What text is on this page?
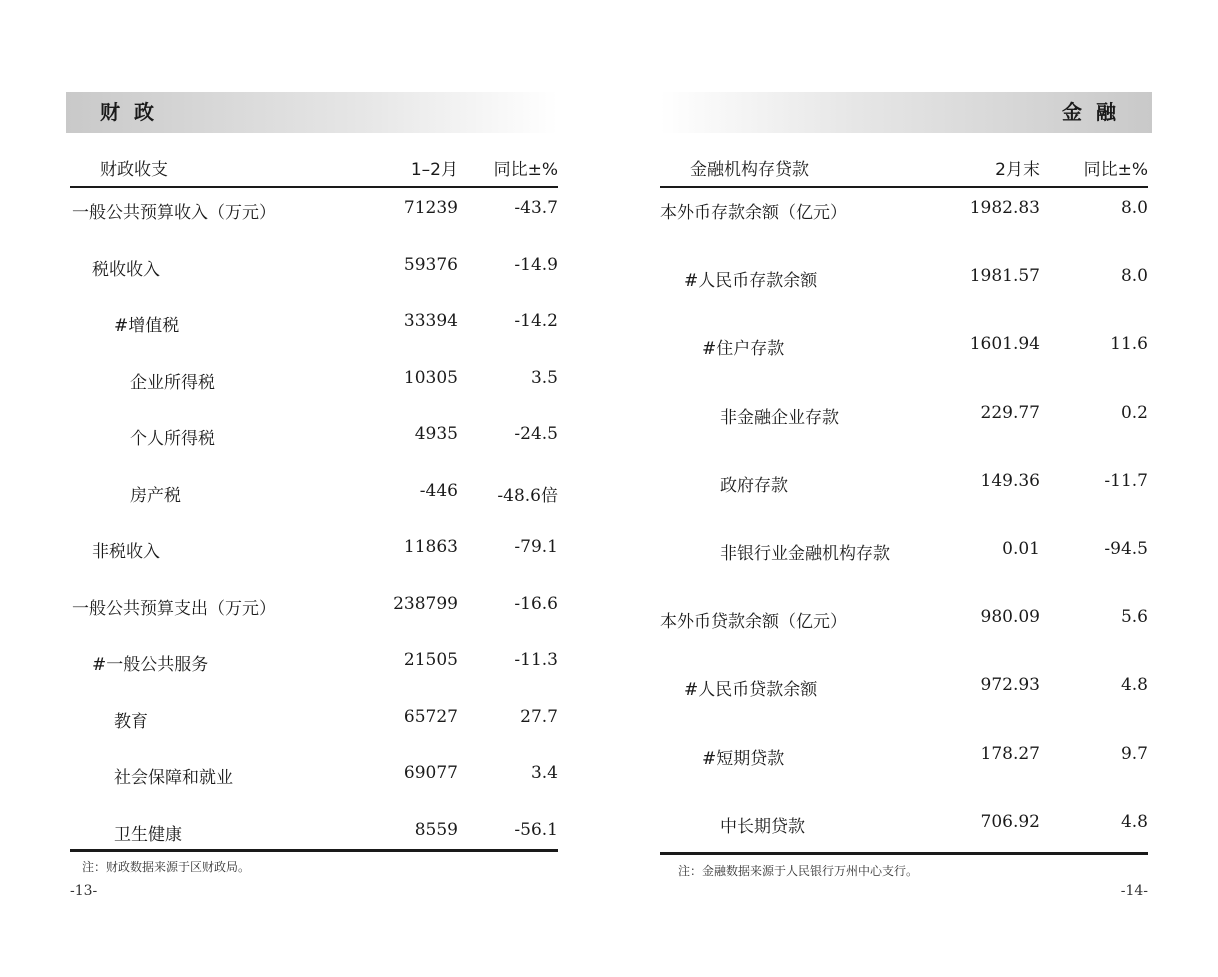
财政	金融
财政收支	1–2月 同比±%
一般公共预算收入（万元）	71239	-43.7
税收收入	59376	-14.9
#增值税	33394	-14.2
企业所得税	10305	3.5
个人所得税	4935	-24.5
房产税	-446 -48.6倍
非税收入	11863	-79.1
一般公共预算支出（万元）	238799	-16.6
#一般公共服务	21505	-11.3
教育	65727	27.7
社会保障和就业	69077	3.4
卫生健康	8559	-56.1
注：财政数据来源于区财政局。
-13-
金融机构存贷款	2月末	同比±%
本外币存款余额（亿元）	1982.83	8.0
#人民币存款余额	1981.57	8.0
#住户存款	1601.94	11.6
非金融企业存款	229.77	0.2
政府存款	149.36	-11.7
非银行业金融机构存款	0.01	-94.5
本外币贷款余额（亿元）	980.09	5.6
#人民币贷款余额	972.93	4.8
#短期贷款	178.27	9.7
中长期贷款	706.92	4.8
注：金融数据来源于人民银行万州中心支行。
-14-
